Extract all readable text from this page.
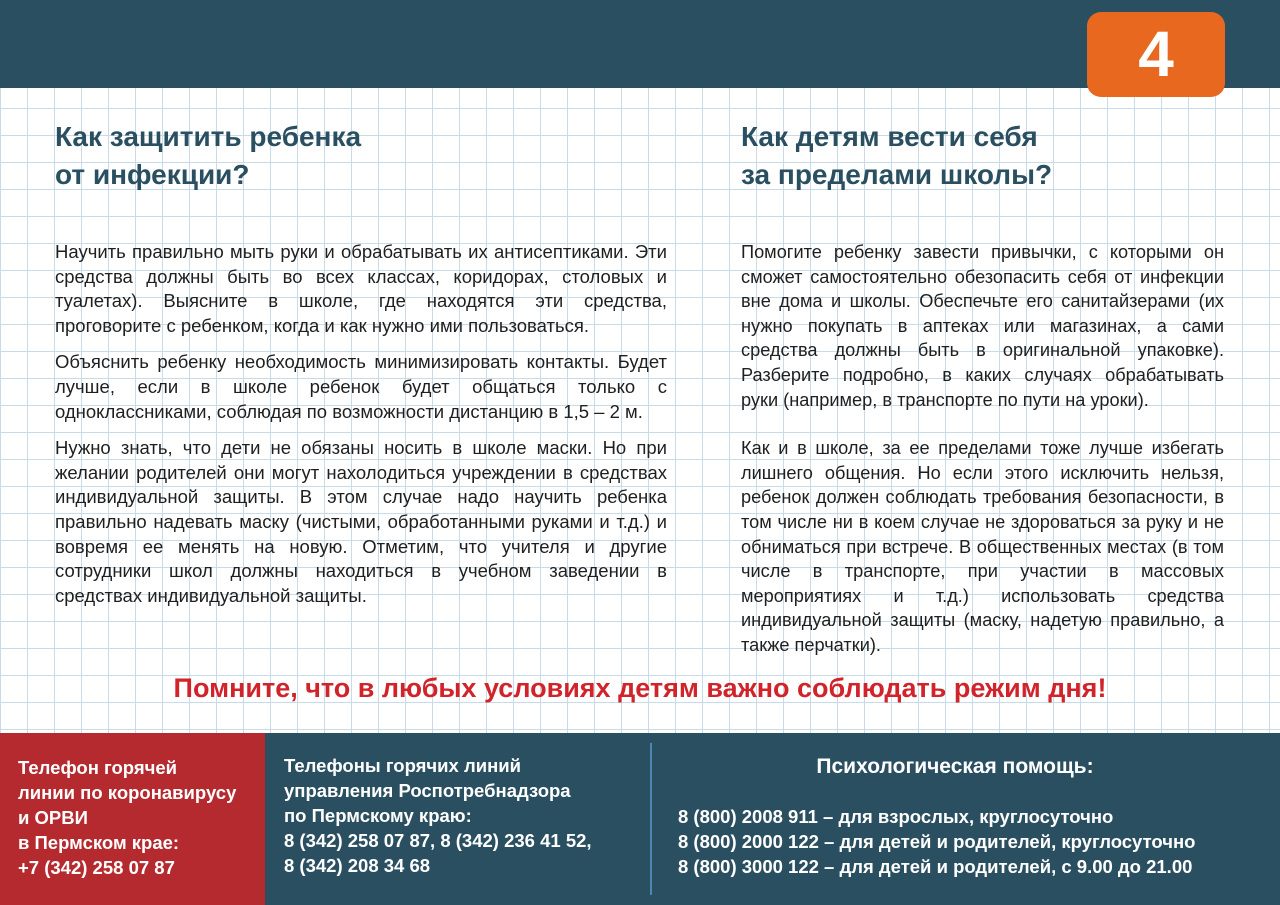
4
Как защитить ребенка
от инфекции?

Научить правильно мыть руки и обрабатывать их антисептиками. Эти средства должны быть во всех классах, коридорах, столовых и туалетах). Выясните в школе, где находятся эти средства, проговорите с ребенком, когда и как нужно ими пользоваться.

Объяснить ребенку необходимость минимизировать контакты. Будет лучше, если в школе ребенок будет общаться только с одноклассниками, соблюдая по возможности дистанцию в 1,5 – 2 м.

Нужно знать, что дети не обязаны носить в школе маски. Но при желании родителей они могут нахолодиться учреждении в средствах индивидуальной защиты. В этом случае надо научить ребенка правильно надевать маску (чистыми, обработанными руками и т.д.) и вовремя ее менять на новую. Отметим, что учителя и другие сотрудники школ должны находиться в учебном заведении в средствах индивидуальной защиты.

Как детям вести себя
за пределами школы?

Помогите ребенку завести привычки, с которыми он сможет самостоятельно обезопасить себя от инфекции вне дома и школы. Обеспечьте его санитайзерами (их нужно покупать в аптеках или магазинах, а сами средства должны быть в оригинальной упаковке). Разберите подробно, в каких случаях обрабатывать руки (например, в транспорте по пути на уроки).

Как и в школе, за ее пределами тоже лучше избегать лишнего общения. Но если этого исключить нельзя, ребенок должен соблюдать требования безопасности, в том числе ни в коем случае не здороваться за руку и не обниматься при встрече. В общественных местах (в том числе в транспорте, при участии в массовых мероприятиях и т.д.) использовать средства индивидуальной защиты (маску, надетую правильно, а также перчатки).

Помните, что в любых условиях детям важно соблюдать режим дня!
Телефон горячей
линии по коронавирусу
и ОРВИ
в Пермском крае:
+7 (342) 258 07 87
Телефоны горячих линий
управления Роспотребнадзора
по Пермскому краю:
8 (342) 258 07 87, 8 (342) 236 41 52,
8 (342) 208 34 68
Психологическая помощь:
8 (800) 2008 911 – для взрослых, круглосуточно
8 (800) 2000 122 – для детей и родителей, круглосуточно
8 (800) 3000 122 – для детей и родителей, с 9.00 до 21.00
